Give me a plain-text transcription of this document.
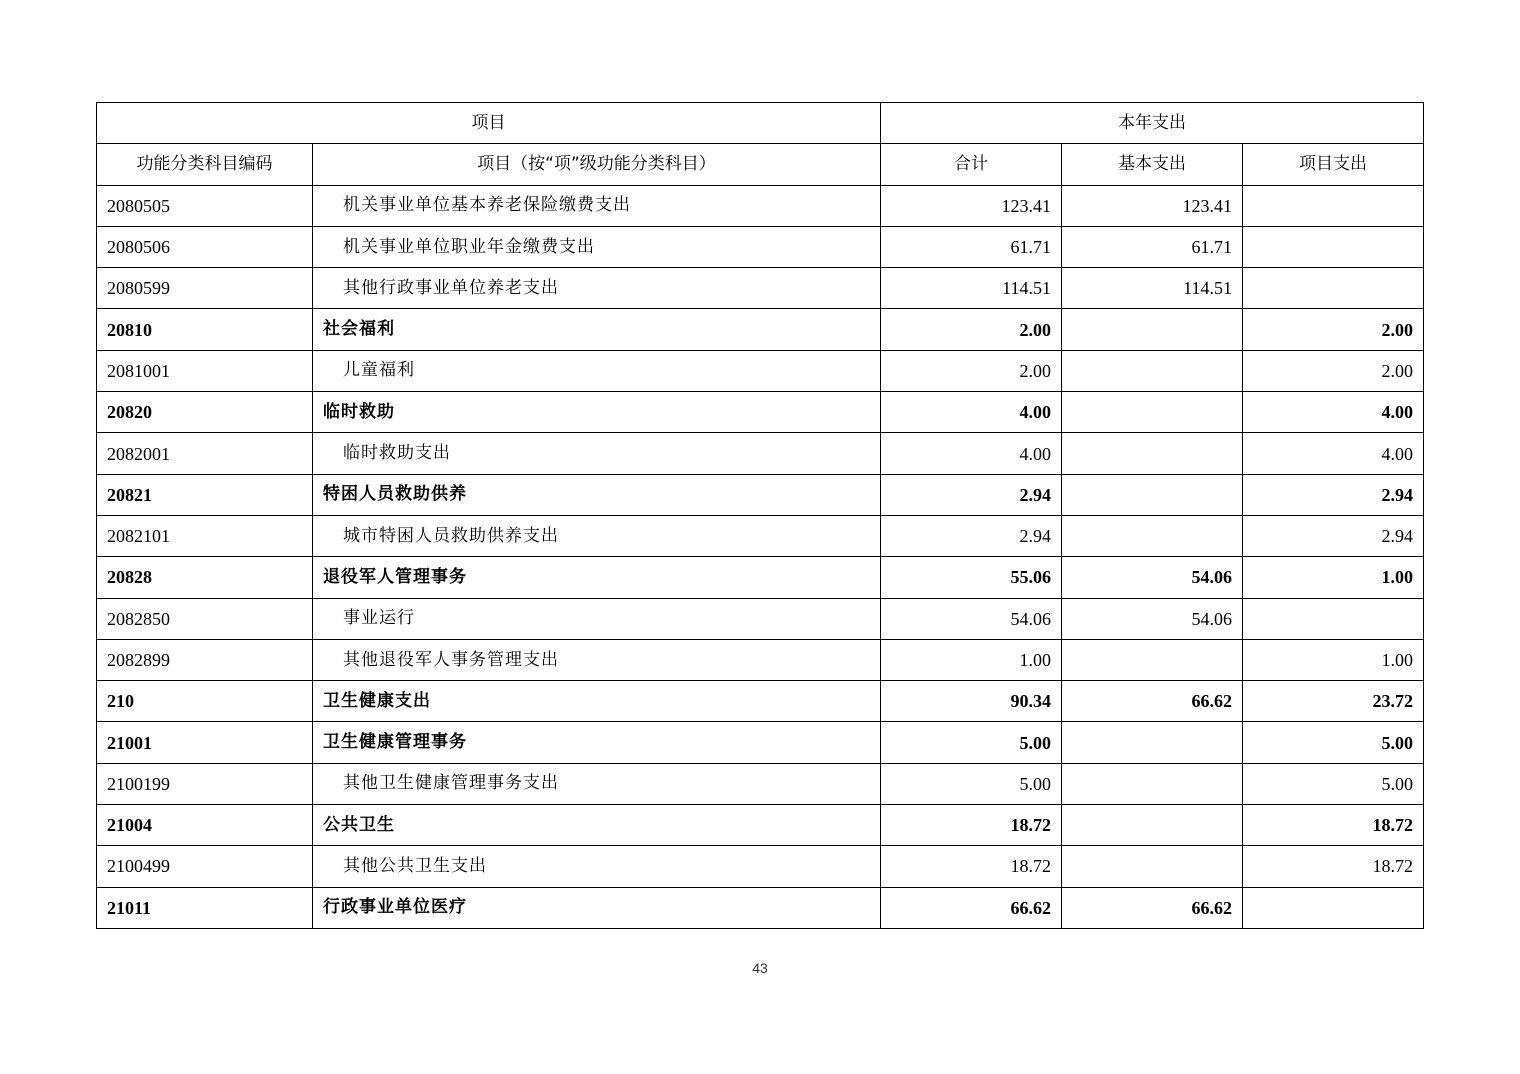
项目		本年支出		
功能分类科目编码	项目（按“项”级功能分类科目）	合计	基本支出	项目支出
2080505	机关事业单位基本养老保险缴费支出	123.41	123.41	
2080506	机关事业单位职业年金缴费支出	61.71	61.71	
2080599	其他行政事业单位养老支出	114.51	114.51	
20810	社会福利	2.00		2.00
2081001	儿童福利	2.00		2.00
20820	临时救助	4.00		4.00
2082001	临时救助支出	4.00		4.00
20821	特困人员救助供养	2.94		2.94
2082101	城市特困人员救助供养支出	2.94		2.94
20828	退役军人管理事务	55.06	54.06	1.00
2082850	事业运行	54.06	54.06	
2082899	其他退役军人事务管理支出	1.00		1.00
210	卫生健康支出	90.34	66.62	23.72
21001	卫生健康管理事务	5.00		5.00
2100199	其他卫生健康管理事务支出	5.00		5.00
21004	公共卫生	18.72		18.72
2100499	其他公共卫生支出	18.72		18.72
21011	行政事业单位医疗	66.62	66.62	
43
